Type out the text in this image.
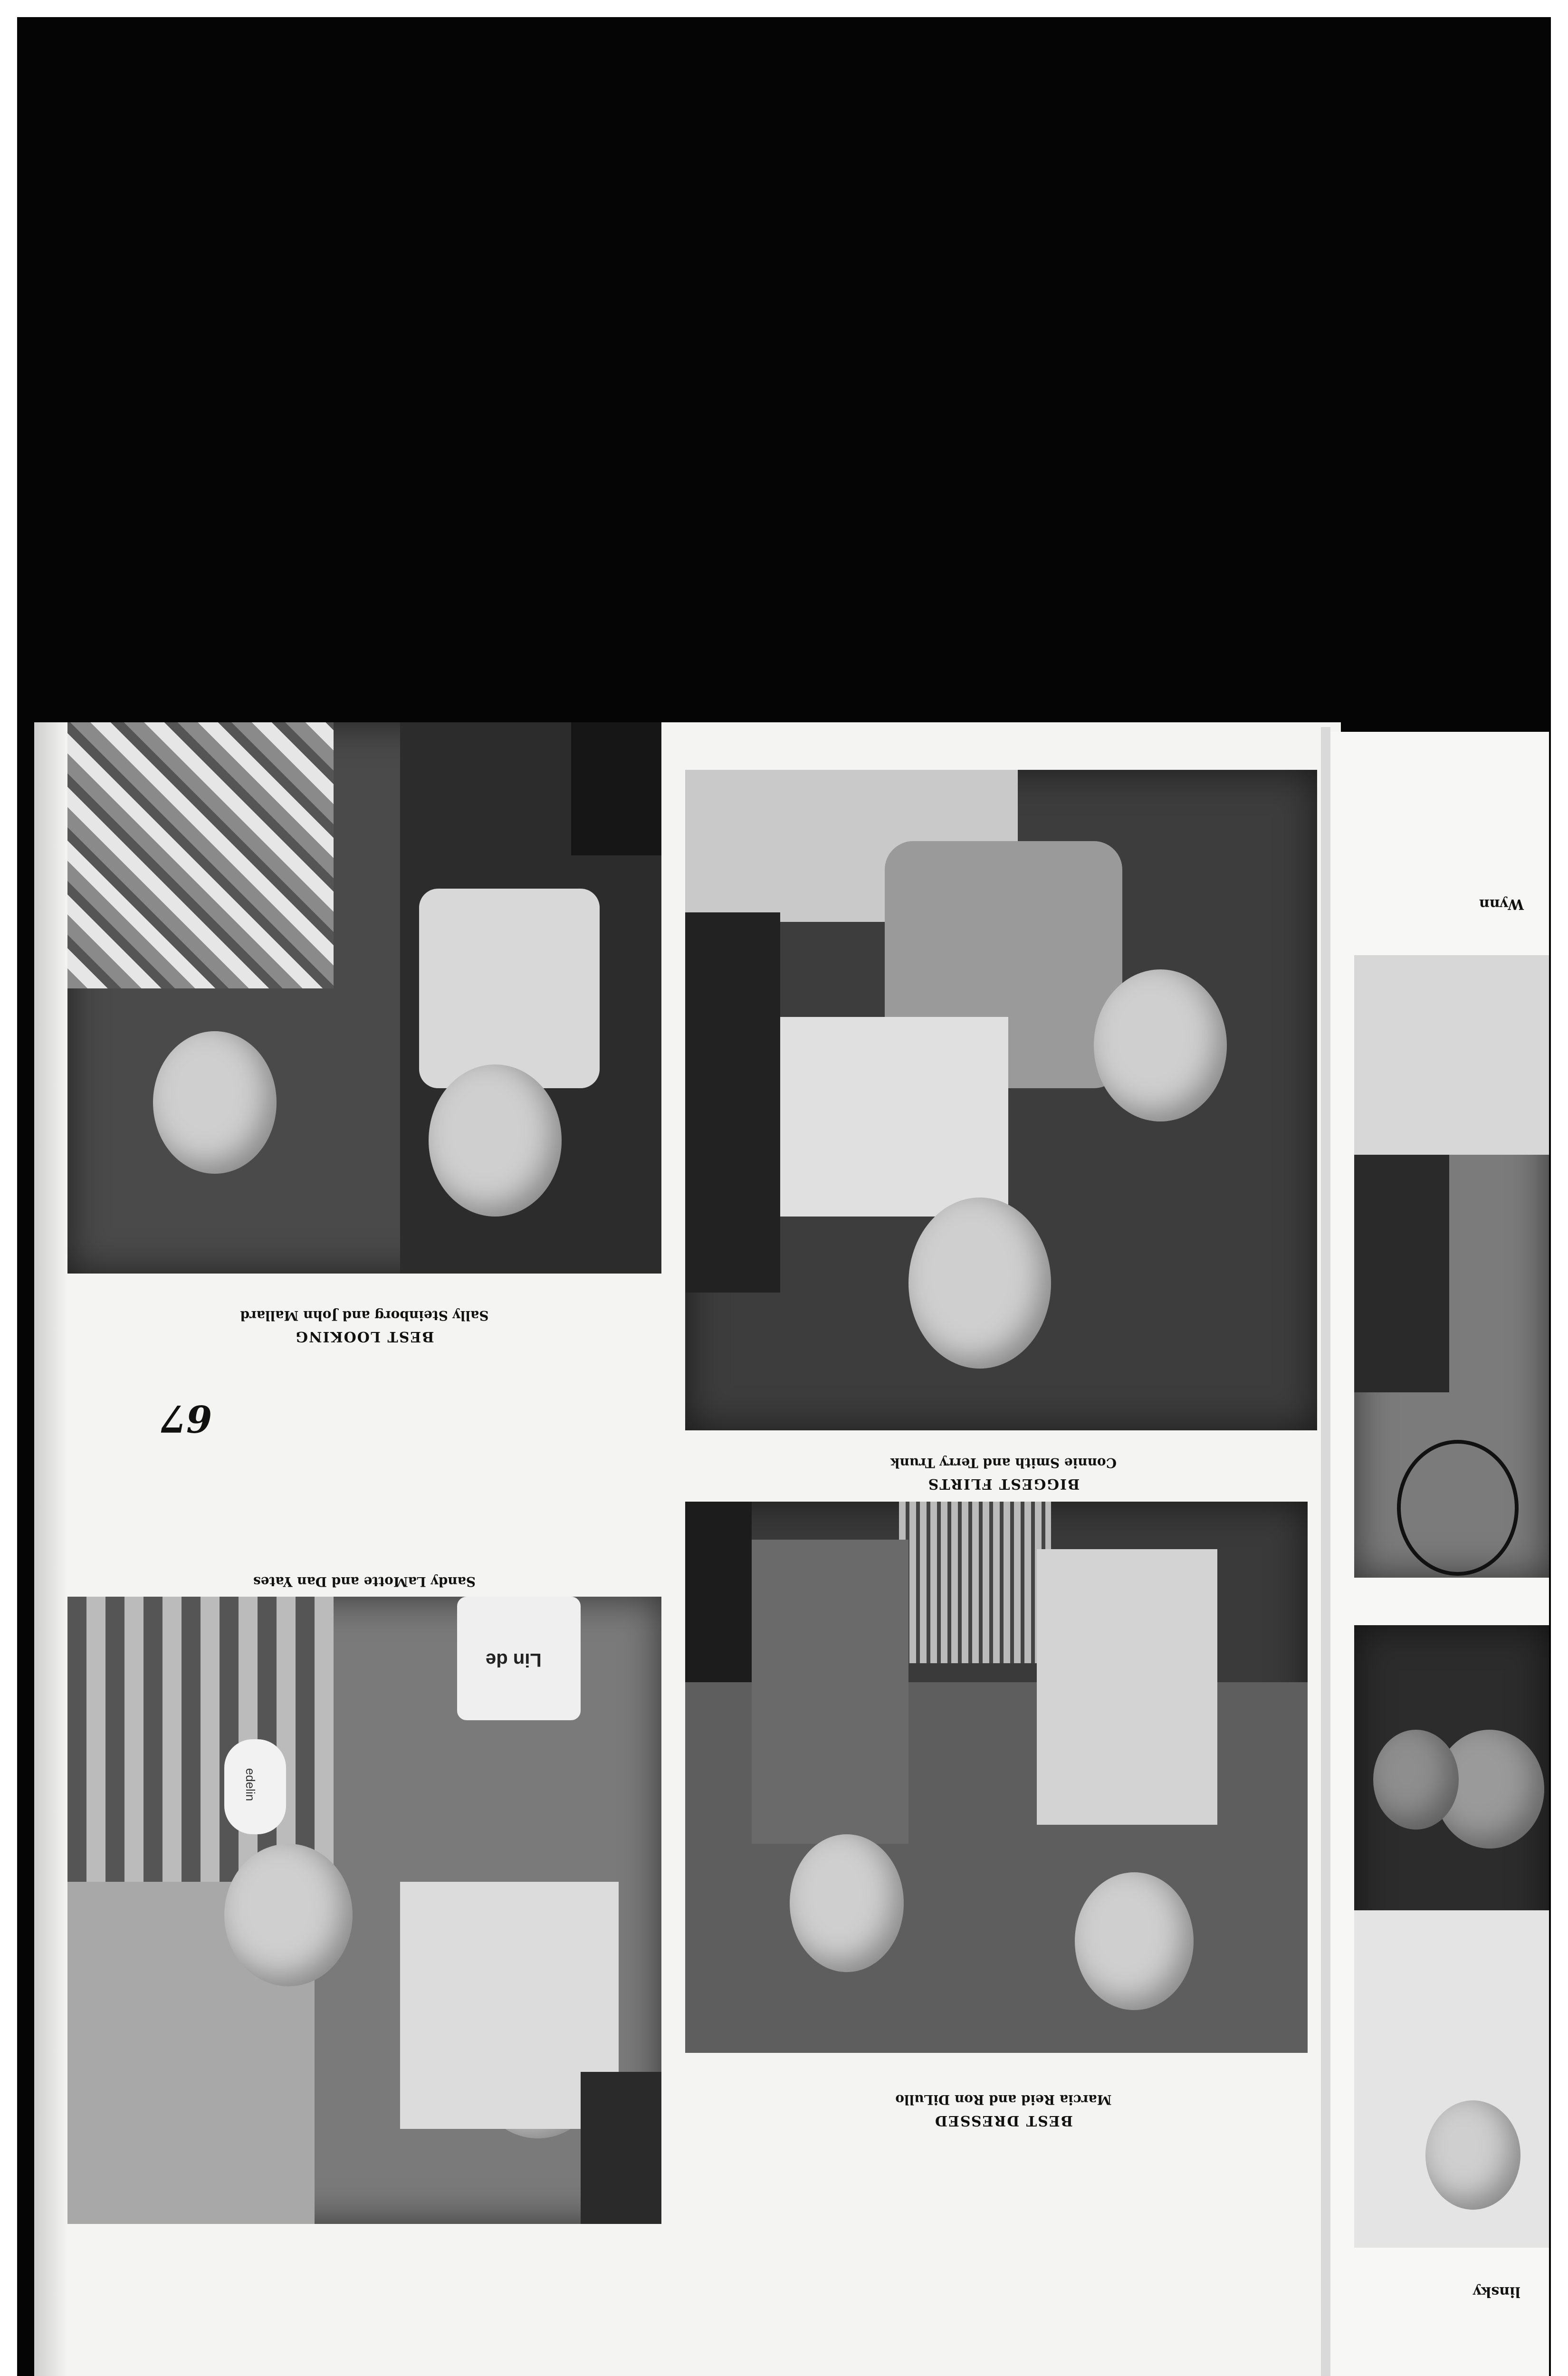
BEST LOOKING
Sally Steinborg and John Mallard
67
Sandy LaMotte and Dan Yates
Lin de
edelin
BIGGEST FLIRTS
Connie Smith and Terry Trunk
BEST DRESSED
Marcia Reid and Ron DiLullo
Wynn
linsky
